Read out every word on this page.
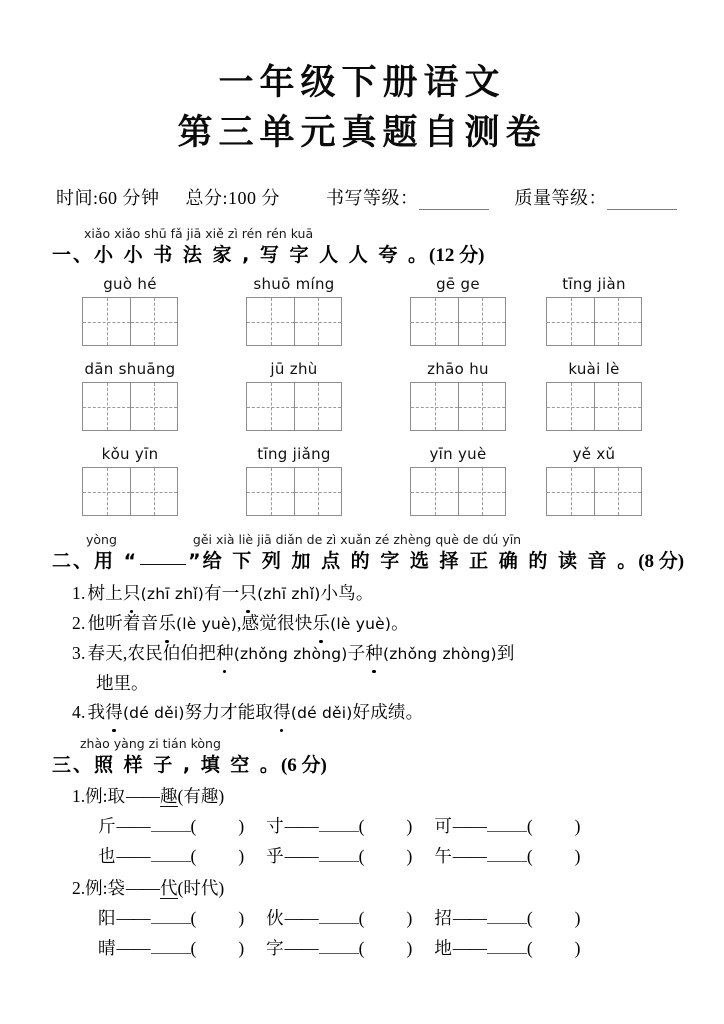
一年级下册语文
第三单元真题自测卷
时间:60 分钟 总分:100 分	书写等级：	质量等级：
xiǎo xiǎo shū fǎ jiā xiě zì rén rén kuā
一、小 小 书 法 家 , 写 字 人 人 夸 。(12 分)
guò hé	shuō míng	gē ge	tīng jiàn
dān shuāng	jū zhù	zhāo hu	kuài lè
kǒu yīn	tīng jiǎng	yīn yuè	yě xǔ
yòng	gěi xià liè jiā diǎn de zì xuǎn zé zhèng què de dú yīn
二、用 “	”给 下 列 加 点 的 字 选 择 正 确 的 读 音 。(8 分)
1. 树上只(zhī zhǐ)有一只(zhī zhǐ)小鸟。
2. 他听着音乐(lè yuè),感觉很快乐(lè yuè)。
3. 春天,农民伯伯把种(zhǒng zhòng)子种(zhǒng zhòng)到
地里。
4. 我得(dé děi)努力才能取得(dé děi)好成绩。
zhào yàng zi tián kòng
三、照 样 子 , 填 空 。(6 分)
1.例:取——趣(有趣)
斤 —— ( ) 寸 —— ( ) 可 —— ( )
也 —— ( ) 乎 —— ( ) 午 —— ( )
2.例:袋——代(时代)
阳 —— ( ) 伙 —— ( ) 招 —— ( )
晴 —— ( ) 字 —— ( ) 地 —— ( )
